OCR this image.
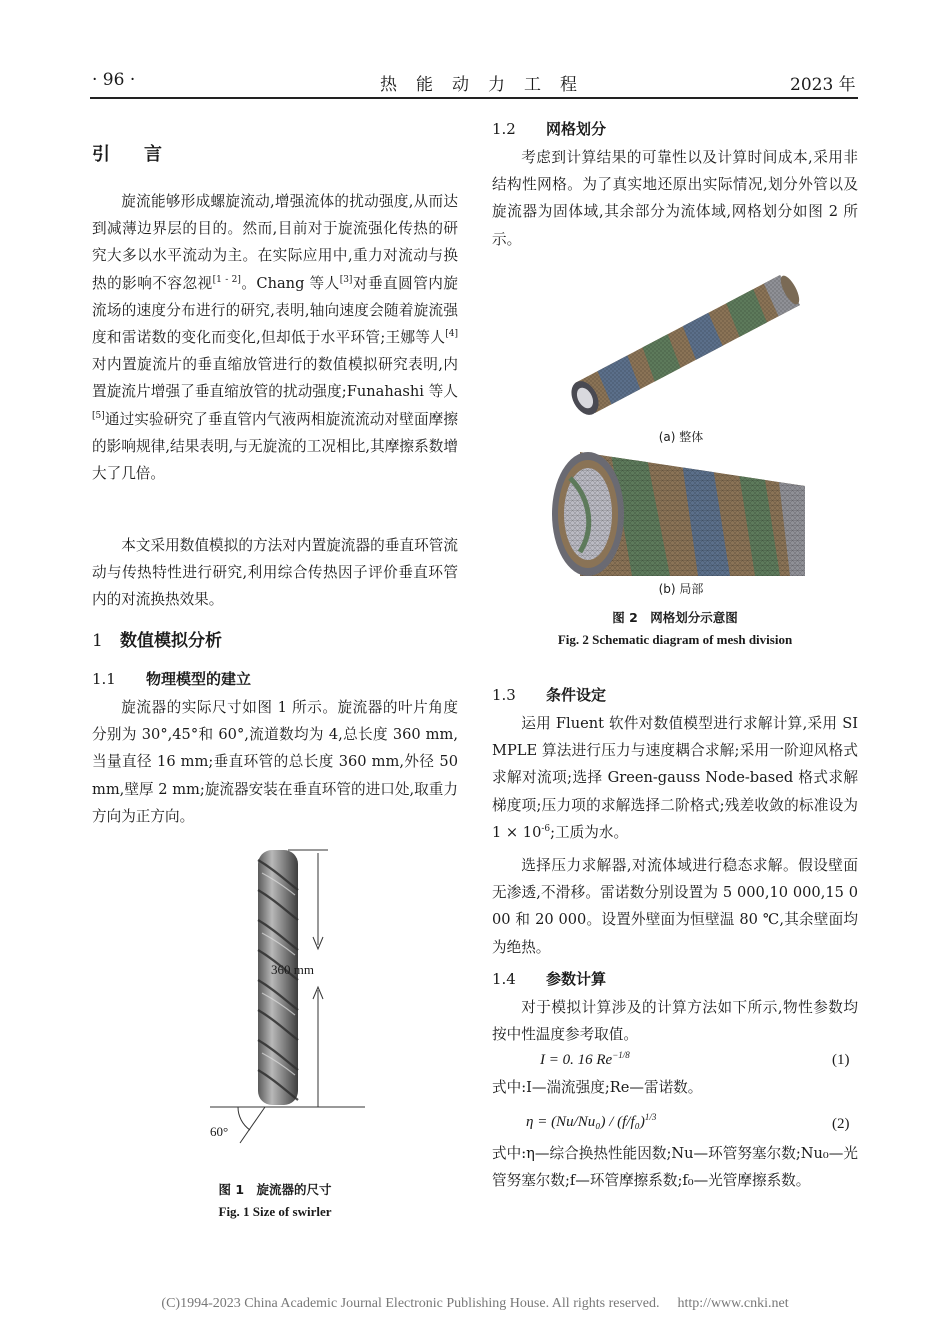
· 96 ·	热　能　动　力　工　程	2023 年
引　言
旋流能够形成螺旋流动,增强流体的扰动强度,从而达到减薄边界层的目的。然而,目前对于旋流强化传热的研究大多以水平流动为主。在实际应用中,重力对流动与换热的影响不容忽视[1 - 2]。Chang 等人[3]对垂直圆管内旋流场的速度分布进行的研究,表明,轴向速度会随着旋流强度和雷诺数的变化而变化,但却低于水平环管;王娜等人[4]对内置旋流片的垂直缩放管进行的数值模拟研究表明,内置旋流片增强了垂直缩放管的扰动强度;Funahashi 等人[5]通过实验研究了垂直管内气液两相旋流流动对壁面摩擦的影响规律,结果表明,与无旋流的工况相比,其摩擦系数增大了几倍。
本文采用数值模拟的方法对内置旋流器的垂直环管流动与传热特性进行研究,利用综合传热因子评价垂直环管内的对流换热效果。
1 数值模拟分析
1.1 物理模型的建立
旋流器的实际尺寸如图 1 所示。旋流器的叶片角度分别为 30°,45°和 60°,流道数均为 4,总长度 360 mm,当量直径 16 mm;垂直环管的总长度 360 mm,外径 50 mm,壁厚 2 mm;旋流器安装在垂直环管的进口处,取重力方向为正方向。
360 mm
60°
图 1　旋流器的尺寸
Fig. 1 Size of swirler
1.2 网格划分
考虑到计算结果的可靠性以及计算时间成本,采用非结构性网格。为了真实地还原出实际情况,划分外管以及旋流器为固体域,其余部分为流体域,网格划分如图 2 所示。
(a) 整体
(b) 局部
图 2　网格划分示意图
Fig. 2 Schematic diagram of mesh division
1.3 条件设定
运用 Fluent 软件对数值模型进行求解计算,采用 SIMPLE 算法进行压力与速度耦合求解;采用一阶迎风格式求解对流项;选择 Green-gauss Node-based 格式求解梯度项;压力项的求解选择二阶格式;残差收敛的标准设为 $1 \times 10^{-6}$;工质为水。
选择压力求解器,对流体域进行稳态求解。假设壁面无渗透,不滑移。雷诺数分别设置为 5 000,10 000,15 000 和 20 000。设置外壁面为恒壁温 80 ℃,其余壁面均为绝热。
1.4 参数计算
对于模拟计算涉及的计算方法如下所示,物性参数均按中性温度参考取值。
I = 0. 16 $Re^{-1/8}$	(1)
式中:I—湍流强度;Re—雷诺数。
$\eta = (Nu/Nu_0) / (f/f_0)^{1/3}$	(2)
式中:η—综合换热性能因数;Nu—环管努塞尔数;Nu₀—光管努塞尔数;f—环管摩擦系数;f₀—光管摩擦系数。
(C)1994-2023 China Academic Journal Electronic Publishing House. All rights reserved. http://www.cnki.net
